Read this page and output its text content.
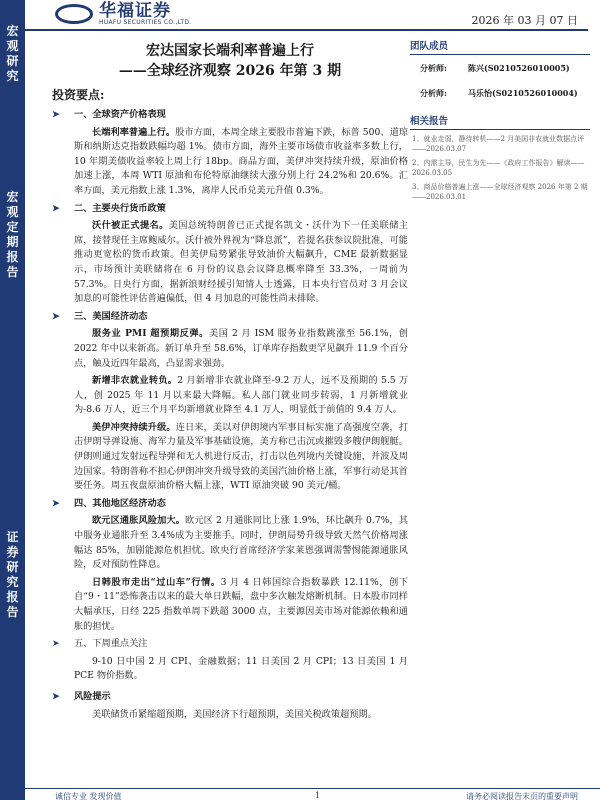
宏
观
研
究
宏
观
定
期
报
告
证
券
研
究
报
告
华福证券
HUAFU SECURITIES CO.,LTD.	2026 年 03 月 07 日
宏达国家长端利率普遍上行
——全球经济观察 2026 年第 3 期
投资要点:
➤ 一、全球资产价格表现
长端利率普遍上行。股市方面，本周全球主要股市普遍下跌，标普 500、道琼斯和纳斯达克指数跌幅均超 1%。债市方面，海外主要市场债市收益率多数上行，10 年期美债收益率较上周上行 18bp。商品方面，美伊冲突持续升级，原油价格加速上涨，本周 WTI 原油和布伦特原油继续大涨分别上行 24.2%和 20.6%。汇率方面，美元指数上涨 1.3%，离岸人民币兑美元升值 0.3%。
➤ 二、主要央行货币政策
沃什被正式提名。美国总统特朗普已正式提名凯文・沃什为下一任美联储主席，接替现任主席鲍威尔。沃什被外界视为“降息派”，若提名获参议院批准，可能推动更宽松的货币政策。但美伊局势紧张导致油价大幅飙升，CME 最新数据显示，市场预计美联储将在 6 月份的议息会议降息概率降至 33.3%，一周前为 57.3%。日央行方面，据新浪财经援引知情人士透露，日本央行官员对 3 月会议加息的可能性评估普遍偏低，但 4 月加息的可能性尚未排除。
➤ 三、美国经济动态
服务业 PMI 超预期反弹。美国 2 月 ISM 服务业指数跳涨至 56.1%，创 2022 年中以来新高。新订单升至 58.6%，订单库存指数更罕见飙升 11.9 个百分点，触及近四年最高，凸显需求强劲。
新增非农就业转负。2 月新增非农就业降至-9.2 万人，远不及预期的 5.5 万人，创 2025 年 11 月以来最大降幅。私人部门就业同步转弱，1 月新增就业为-8.6 万人，近三个月平均新增就业降至 4.1 万人，明显低于前值的 9.4 万人。
美伊冲突持续升级。连日来，美以对伊朗境内军事目标实施了高强度空袭，打击伊朗导弹设施、海军力量及军事基础设施，美方称已击沉或摧毁多艘伊朗舰艇。伊朗则通过发射远程导弹和无人机进行反击，打击以色列境内关键设施，并波及周边国家。特朗普称不担心伊朗冲突升级导致的美国汽油价格上涨，军事行动是其首要任务。周五夜盘原油价格大幅上涨，WTI 原油突破 90 美元/桶。
➤ 四、其他地区经济动态
欧元区通胀风险加大。欧元区 2 月通胀同比上涨 1.9%，环比飙升 0.7%，其中服务业通胀升至 3.4%成为主要推手。同时，伊朗局势升级导致天然气价格周涨幅达 85%，加剧能源危机担忧。欧央行首席经济学家莱恩强调需警惕能源通胀风险，反对预防性降息。
日韩股市走出“过山车”行情。3 月 4 日韩国综合指数暴跌 12.11%，创下自“9・11”恐怖袭击以来的最大单日跌幅，盘中多次触发熔断机制。日本股市同样大幅承压，日经 225 指数单周下跌超 3000 点，主要源因美市场对能源依赖和通胀的担忧。
➤ 五、下周重点关注
9-10 日中国 2 月 CPI、金融数据；11 日美国 2 月 CPI；13 日美国 1 月 PCE 物价指数。
➤ 风险提示
美联储货币紧缩超预期，美国经济下行超预期，美国关税政策超预期。
团队成员
分析师:	陈兴(S0210526010005)
分析师:	马乐怡(S0210526010004)
相关报告
1、就业走弱，静待转机——2 月美国非农就业数据点评——2026.03.07
2、内需主导，民生为先——《政府工作报告》解读——2026.03.05
3、商品价格普遍上涨——全球经济观察 2026 年第 2 期——2026.03.01
诚信专业 发现价值	1	请务必阅读报告末页的重要声明
